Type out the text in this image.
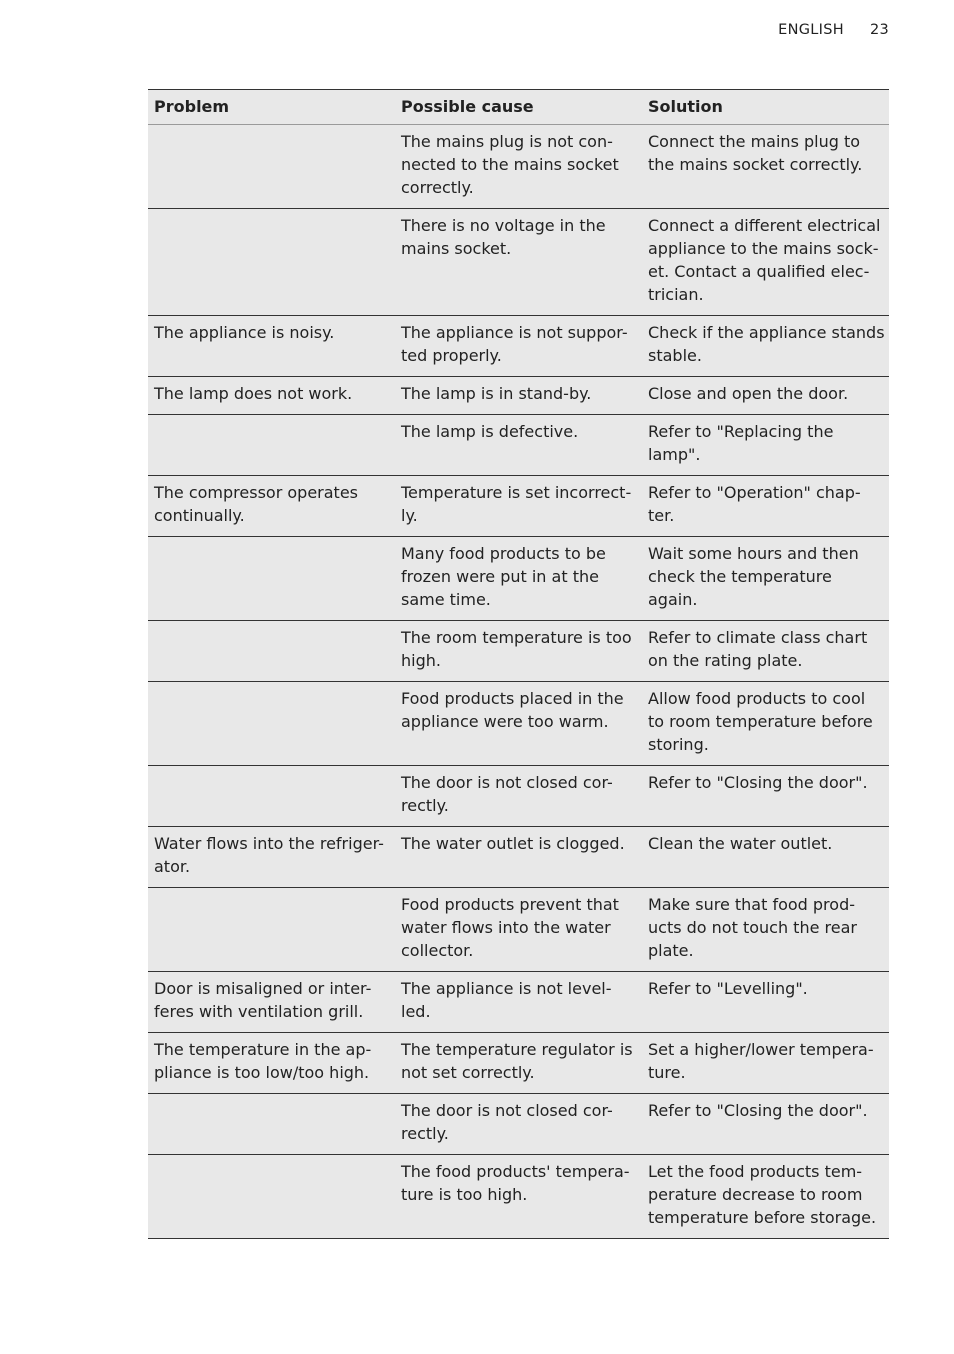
ENGLISH 23
Problem	Possible cause	Solution
	The mains plug is not con-nected to the mains socket correctly.	Connect the mains plug to the mains socket correctly.
	There is no voltage in the mains socket.	Connect a different electrical appliance to the mains sock-et. Contact a qualified elec-trician.
The appliance is noisy.	The appliance is not suppor-ted properly.	Check if the appliance stands stable.
The lamp does not work.	The lamp is in stand-by.	Close and open the door.
	The lamp is defective.	Refer to "Replacing the lamp".
The compressor operates continually.	Temperature is set incorrect-ly.	Refer to "Operation" chap-ter.
	Many food products to be frozen were put in at the same time.	Wait some hours and then check the temperature again.
	The room temperature is too high.	Refer to climate class chart on the rating plate.
	Food products placed in the appliance were too warm.	Allow food products to cool to room temperature before storing.
	The door is not closed cor-rectly.	Refer to "Closing the door".
Water flows into the refriger-ator.	The water outlet is clogged.	Clean the water outlet.
	Food products prevent that water flows into the water collector.	Make sure that food prod-ucts do not touch the rear plate.
Door is misaligned or inter-feres with ventilation grill.	The appliance is not level-led.	Refer to "Levelling".
The temperature in the ap-pliance is too low/too high.	The temperature regulator is not set correctly.	Set a higher/lower tempera-ture.
	The door is not closed cor-rectly.	Refer to "Closing the door".
	The food products' tempera-ture is too high.	Let the food products tem-perature decrease to room temperature before storage.
